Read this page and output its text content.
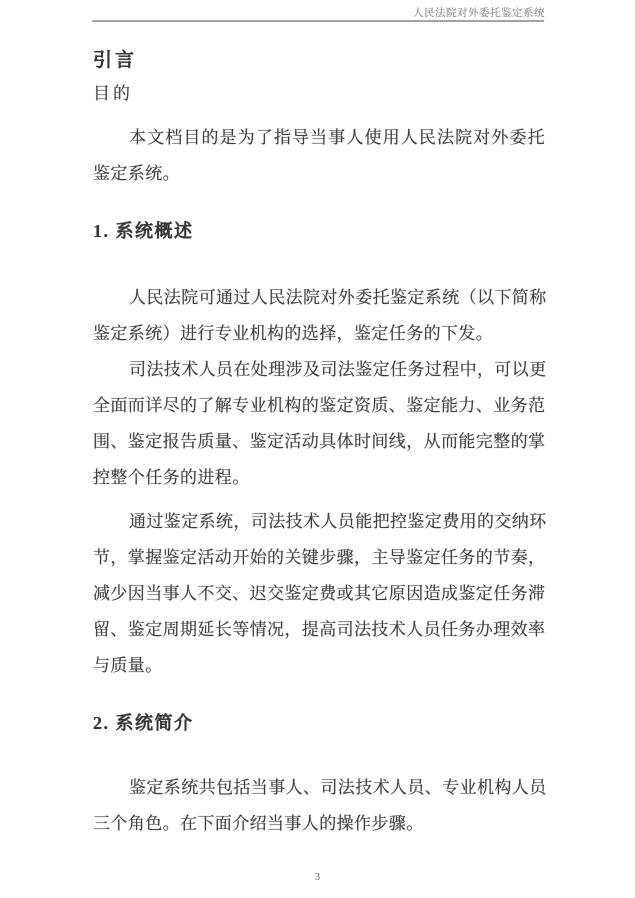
人民法院对外委托鉴定系统
引言
目的
本文档目的是为了指导当事人使用人民法院对外委托
鉴定系统。
1. 系统概述
人民法院可通过人民法院对外委托鉴定系统（以下简称
鉴定系统）进行专业机构的选择，鉴定任务的下发。
司法技术人员在处理涉及司法鉴定任务过程中，可以更
全面而详尽的了解专业机构的鉴定资质、鉴定能力、业务范
围、鉴定报告质量、鉴定活动具体时间线，从而能完整的掌
控整个任务的进程。
通过鉴定系统，司法技术人员能把控鉴定费用的交纳环
节，掌握鉴定活动开始的关键步骤，主导鉴定任务的节奏，
减少因当事人不交、迟交鉴定费或其它原因造成鉴定任务滞
留、鉴定周期延长等情况，提高司法技术人员任务办理效率
与质量。
2. 系统简介
鉴定系统共包括当事人、司法技术人员、专业机构人员
三个角色。在下面介绍当事人的操作步骤。
3
